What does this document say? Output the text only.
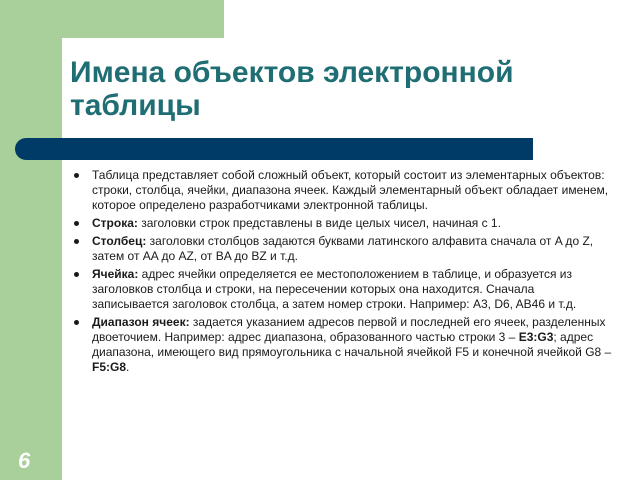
Имена объектов электронной таблицы
Таблица представляет собой сложный объект, который состоит из элементарных объектов: строки, столбца, ячейки, диапазона ячеек. Каждый элементарный объект обладает именем, которое определено разработчиками электронной таблицы.
Строка: заголовки строк представлены в виде целых чисел, начиная с 1.
Столбец: заголовки столбцов задаются буквами латинского алфавита сначала от A до Z, затем от AA до AZ, от BA до BZ и т.д.
Ячейка: адрес ячейки определяется ее местоположением в таблице, и образуется из заголовков столбца и строки, на пересечении которых она находится. Сначала записывается заголовок столбца, а затем номер строки. Например: A3, D6, AB46 и т.д.
Диапазон ячеек: задается указанием адресов первой и последней его ячеек, разделенных двоеточием. Например: адрес диапазона, образованного частью строки 3 – E3:G3; адрес диапазона, имеющего вид прямоугольника с начальной ячейкой F5 и конечной ячейкой G8 – F5:G8.
6
